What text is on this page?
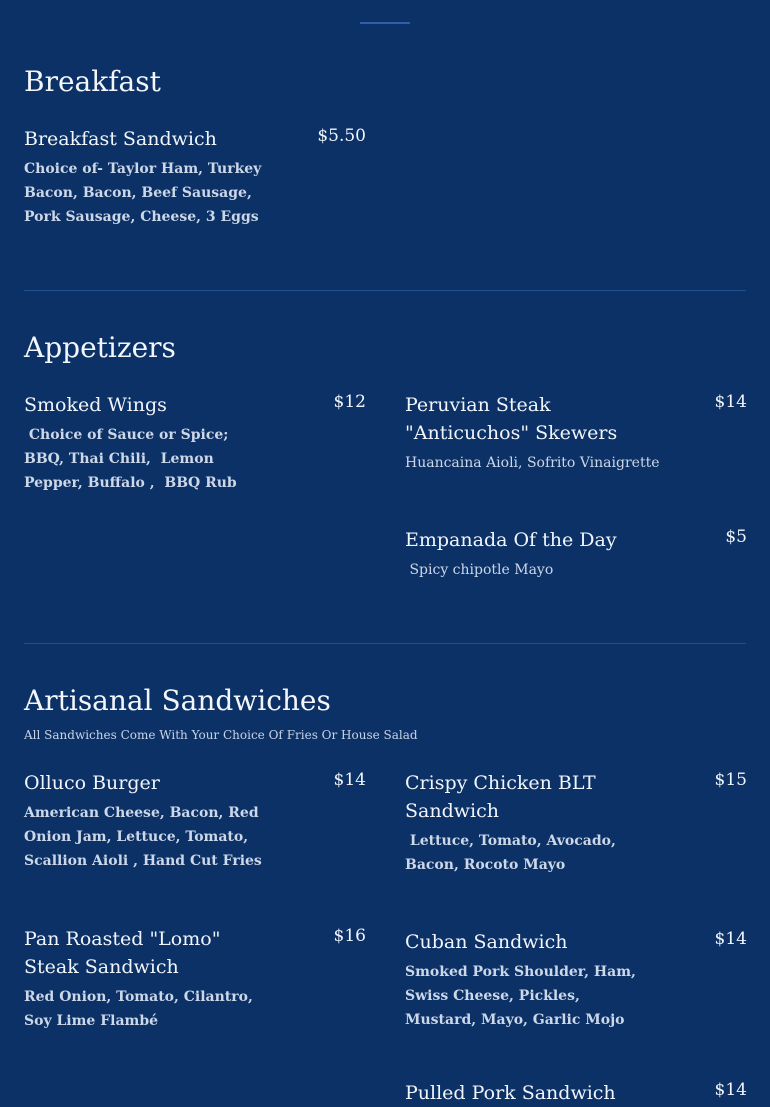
Breakfast
Breakfast Sandwich	$5.50
Choice of- Taylor Ham, Turkey Bacon, Bacon, Beef Sausage, Pork Sausage, Cheese, 3 Eggs
Appetizers
Smoked Wings	$12
Choice of Sauce or Spice;  BBQ, Thai Chili,  Lemon Pepper, Buffalo ,  BBQ Rub
Peruvian Steak "Anticuchos" Skewers
$14
Huancaina Aioli, Sofrito Vinaigrette
Empanada Of the Day	$5
Spicy chipotle Mayo
Artisanal Sandwiches
All Sandwiches Come With Your Choice Of Fries Or House Salad
Olluco Burger	$14
American Cheese, Bacon, Red Onion Jam, Lettuce, Tomato, Scallion Aioli , Hand Cut Fries
Crispy Chicken BLT Sandwich
$15
Lettuce, Tomato, Avocado, Bacon, Rocoto Mayo
Pan Roasted "Lomo" Steak Sandwich
$16
Red Onion, Tomato, Cilantro,  Soy Lime Flambé
Cuban Sandwich	$14
Smoked Pork Shoulder, Ham, Swiss Cheese, Pickles, Mustard, Mayo, Garlic Mojo
Pulled Pork Sandwich	$14
